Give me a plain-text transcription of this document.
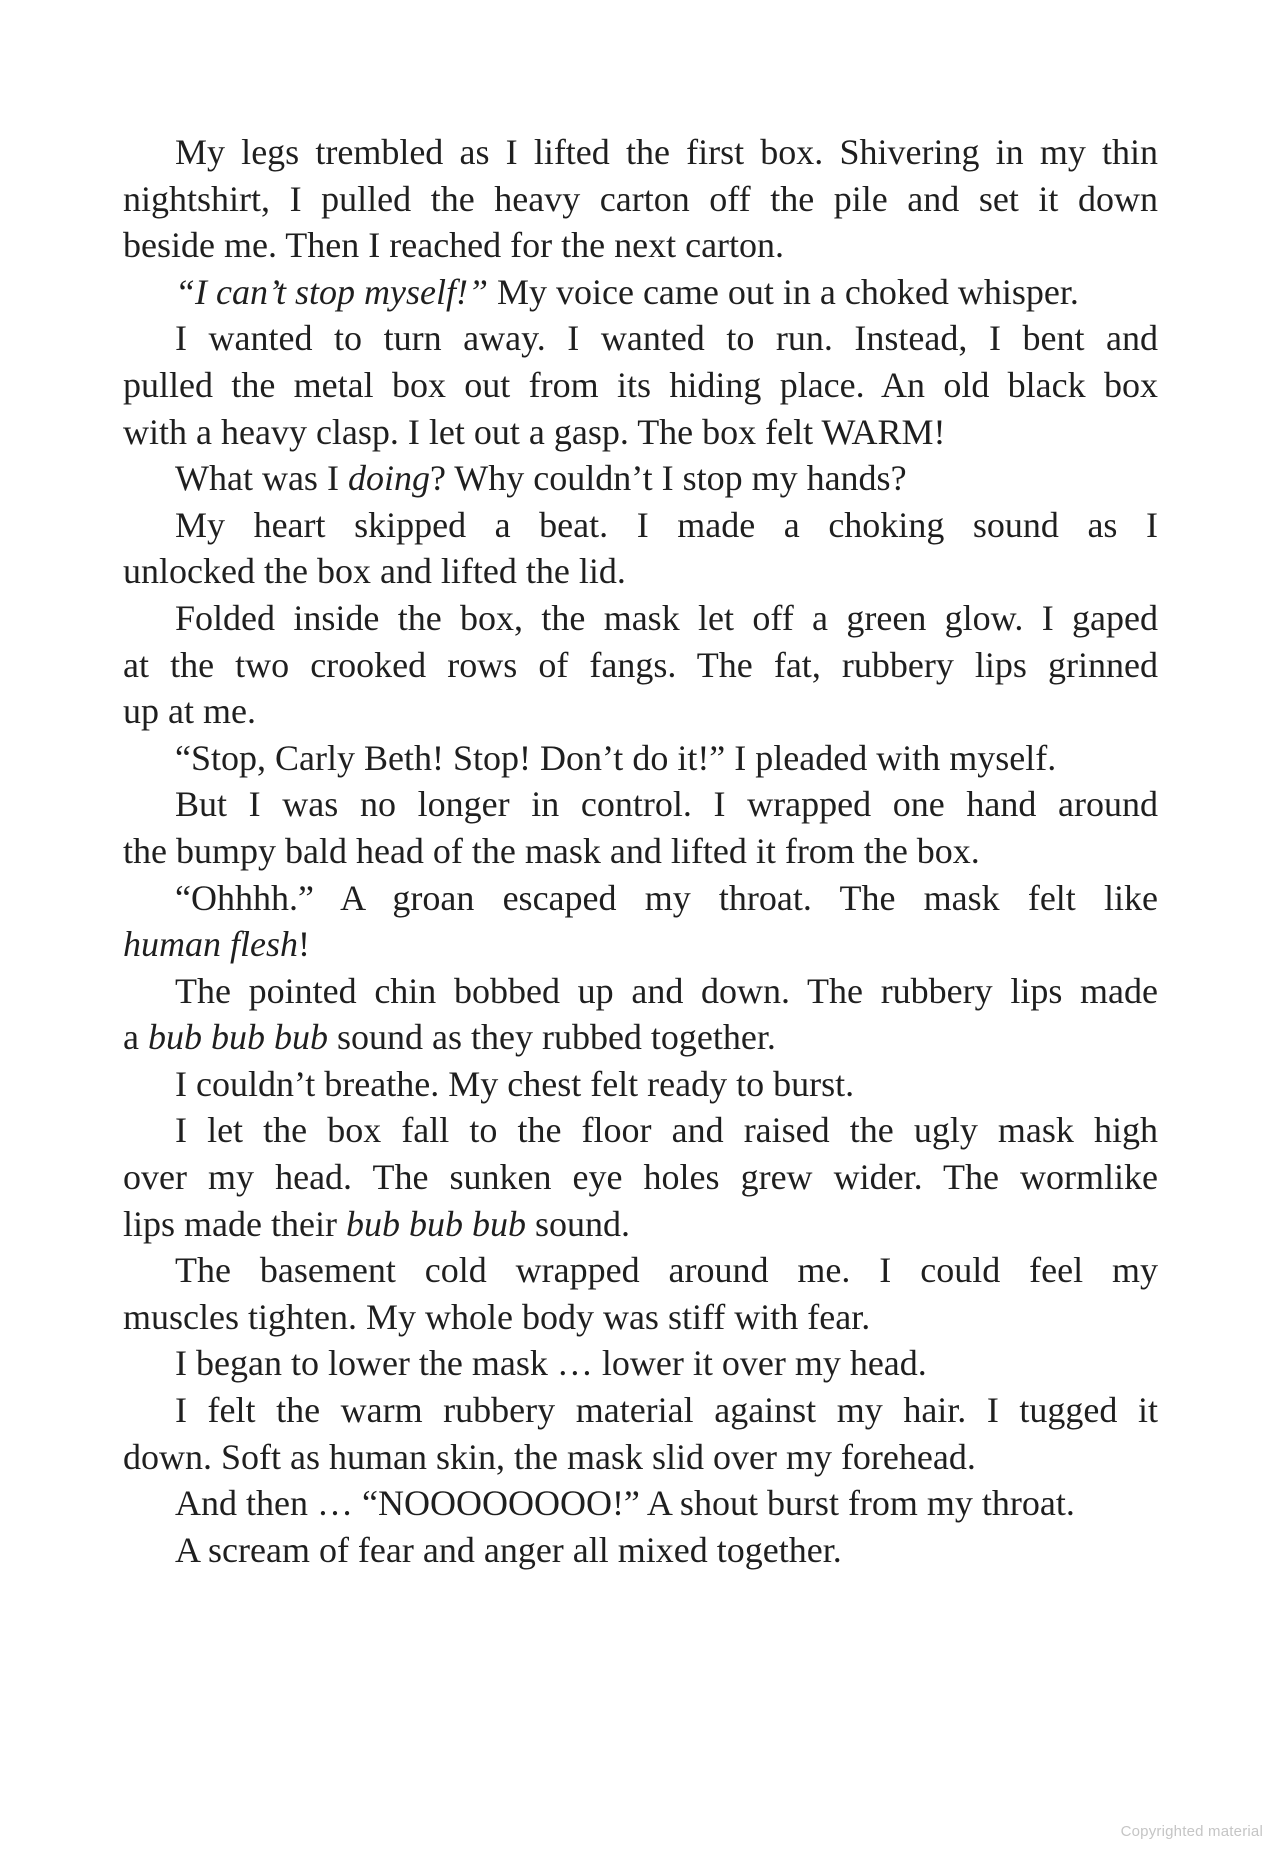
My legs trembled as I lifted the first box. Shivering in my thin
nightshirt, I pulled the heavy carton off the pile and set it down
beside me. Then I reached for the next carton.
“I can’t stop myself!” My voice came out in a choked whisper.
I wanted to turn away. I wanted to run. Instead, I bent and
pulled the metal box out from its hiding place. An old black box
with a heavy clasp. I let out a gasp. The box felt WARM!
What was I doing? Why couldn’t I stop my hands?
My heart skipped a beat. I made a choking sound as I
unlocked the box and lifted the lid.
Folded inside the box, the mask let off a green glow. I gaped
at the two crooked rows of fangs. The fat, rubbery lips grinned
up at me.
“Stop, Carly Beth! Stop! Don’t do it!” I pleaded with myself.
But I was no longer in control. I wrapped one hand around
the bumpy bald head of the mask and lifted it from the box.
“Ohhhh.” A groan escaped my throat. The mask felt like
human flesh!
The pointed chin bobbed up and down. The rubbery lips made
a bub bub bub sound as they rubbed together.
I couldn’t breathe. My chest felt ready to burst.
I let the box fall to the floor and raised the ugly mask high
over my head. The sunken eye holes grew wider. The wormlike
lips made their bub bub bub sound.
The basement cold wrapped around me. I could feel my
muscles tighten. My whole body was stiff with fear.
I began to lower the mask … lower it over my head.
I felt the warm rubbery material against my hair. I tugged it
down. Soft as human skin, the mask slid over my forehead.
And then … “NOOOOOOOO!” A shout burst from my throat.
A scream of fear and anger all mixed together.
Copyrighted material
